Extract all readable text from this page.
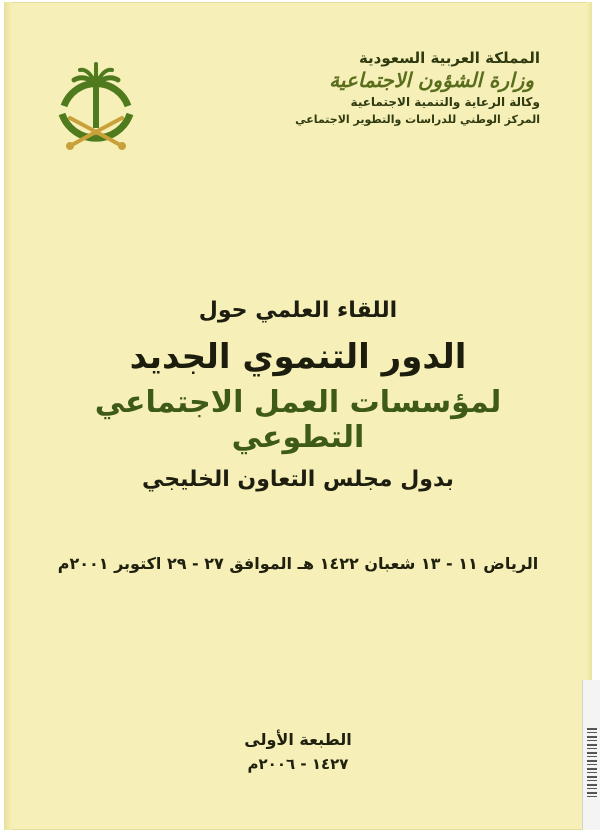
المملكة العربية السعودية
وزارة الشؤون الاجتماعية
وكالة الرعاية والتنمية الاجتماعية
المركز الوطني للدراسات والتطوير الاجتماعي
اللقاء العلمي حول
الدور التنموي الجديد
لمؤسسات العمل الاجتماعي التطوعي
بدول مجلس التعاون الخليجي
الرياض ١١ - ١٣ شعبان ١٤٢٢ هـ الموافق ٢٧ - ٢٩ اكتوبر ٢٠٠١م
الطبعة الأولى
١٤٢٧ - ٢٠٠٦م
